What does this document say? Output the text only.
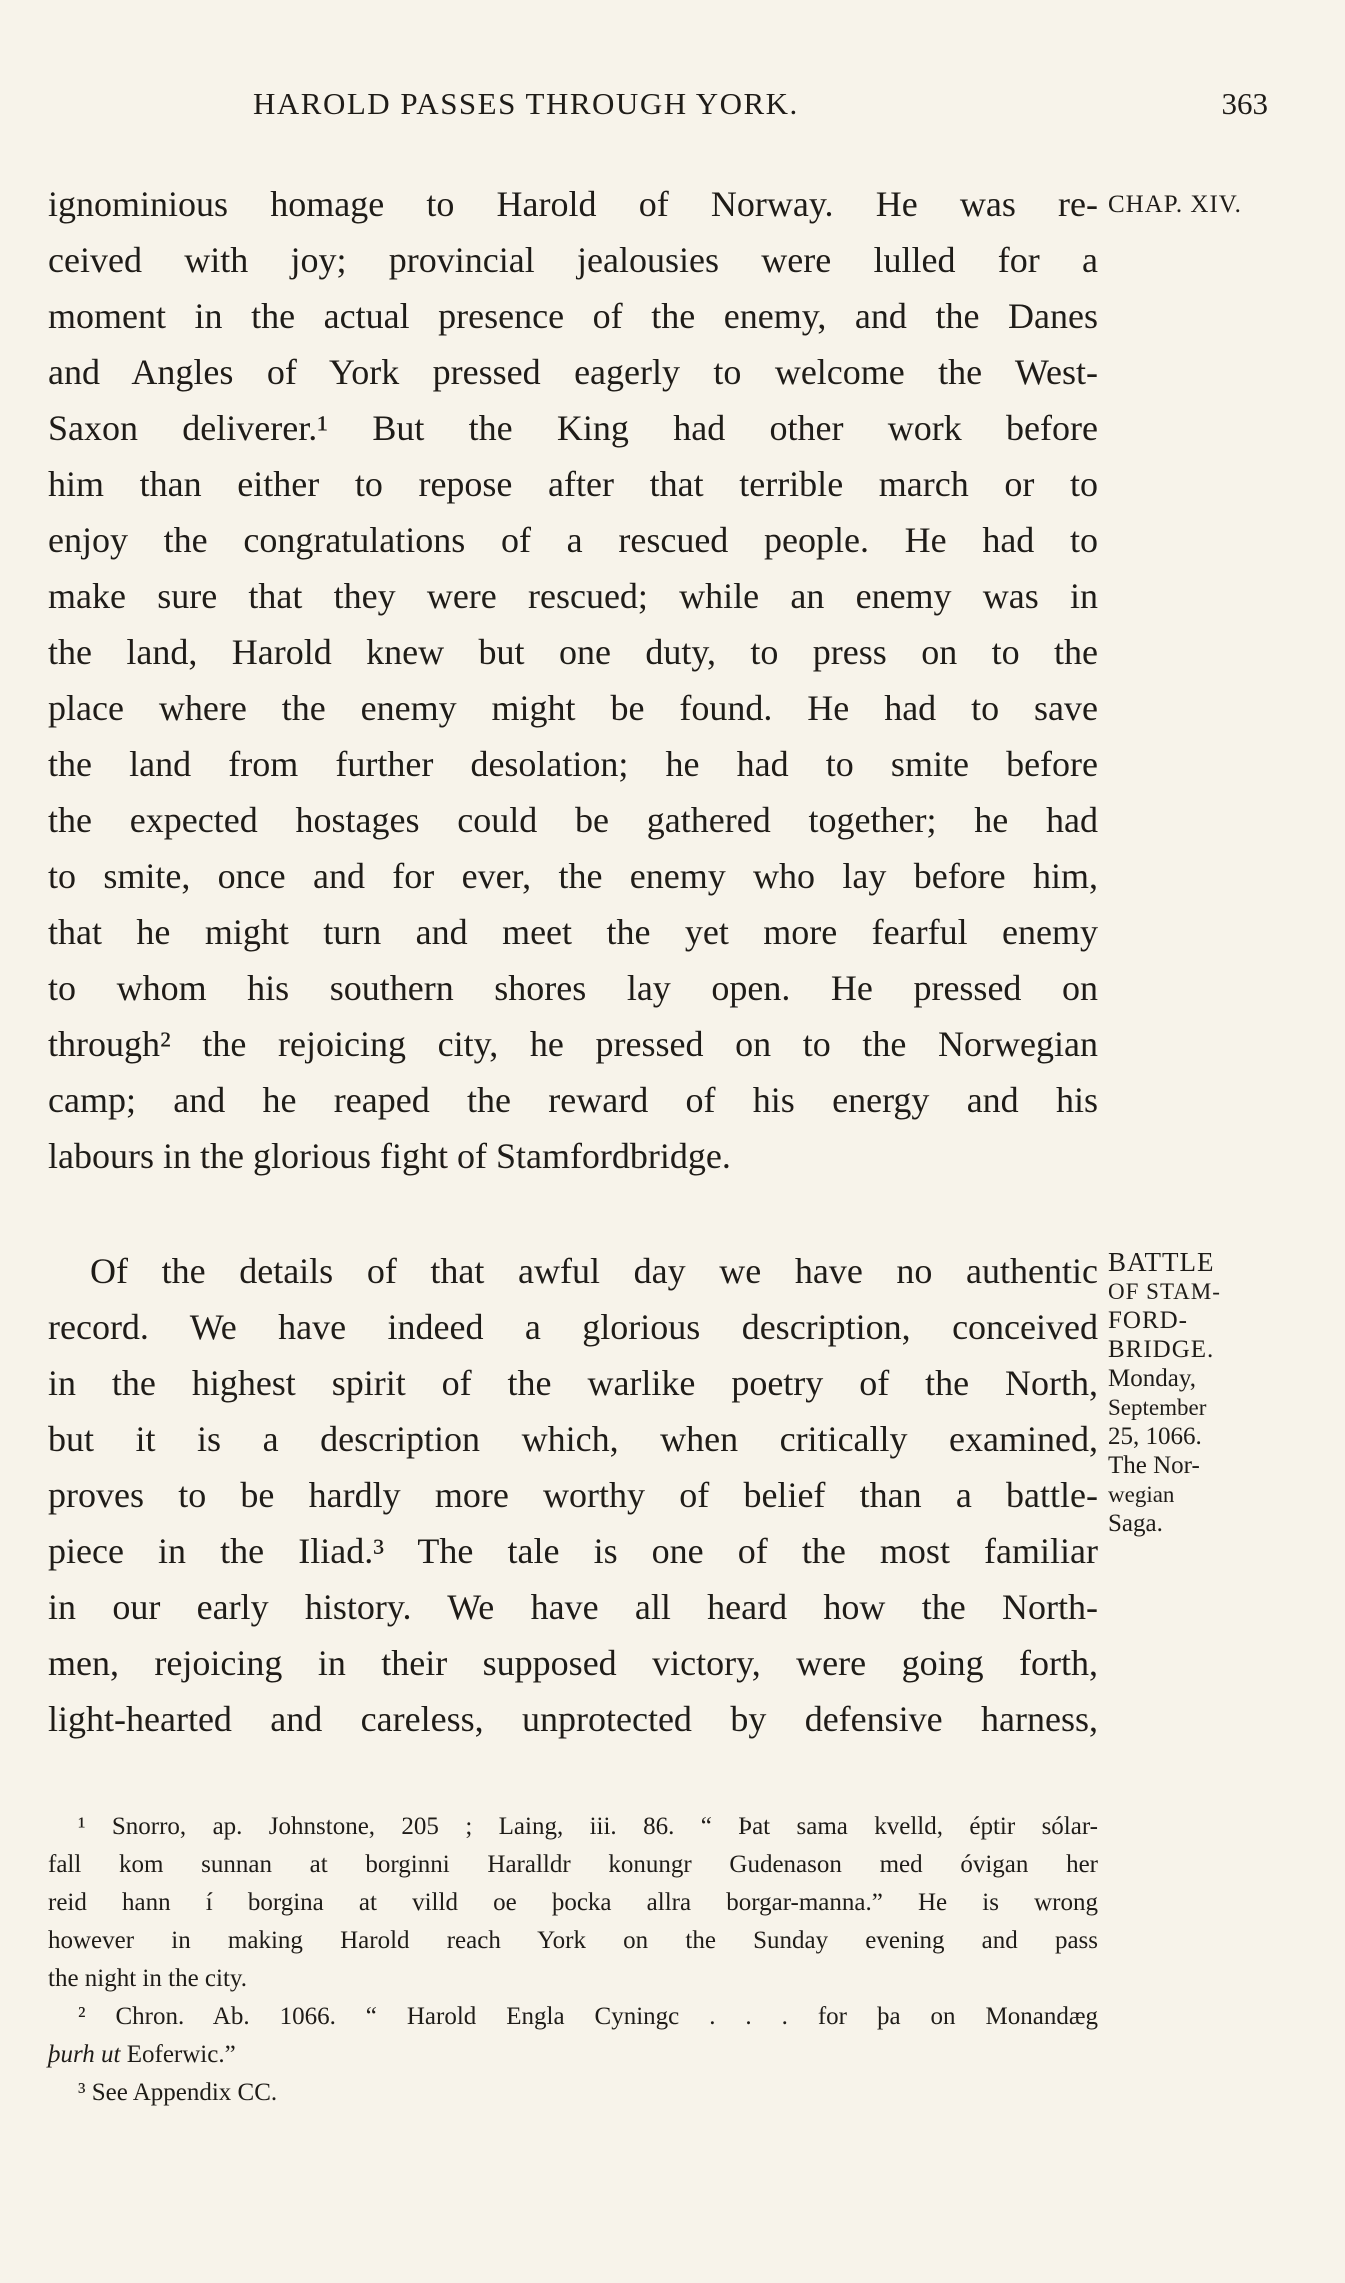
HAROLD PASSES THROUGH YORK.	363
ignominious homage to Harold of Norway. He was re-
ceived with joy; provincial jealousies were lulled for a
moment in the actual presence of the enemy, and the Danes
and Angles of York pressed eagerly to welcome the West-
Saxon deliverer.¹ But the King had other work before
him than either to repose after that terrible march or to
enjoy the congratulations of a rescued people. He had to
make sure that they were rescued; while an enemy was in
the land, Harold knew but one duty, to press on to the
place where the enemy might be found. He had to save
the land from further desolation; he had to smite before
the expected hostages could be gathered together; he had
to smite, once and for ever, the enemy who lay before him,
that he might turn and meet the yet more fearful enemy
to whom his southern shores lay open. He pressed on
through² the rejoicing city, he pressed on to the Norwegian
camp; and he reaped the reward of his energy and his
labours in the glorious fight of Stamfordbridge.
Of the details of that awful day we have no authentic
record. We have indeed a glorious description, conceived
in the highest spirit of the warlike poetry of the North,
but it is a description which, when critically examined,
proves to be hardly more worthy of belief than a battle-
piece in the Iliad.³ The tale is one of the most familiar
in our early history. We have all heard how the North-
men, rejoicing in their supposed victory, were going forth,
light-hearted and careless, unprotected by defensive harness,
CHAP. XIV.
BATTLE
OF STAM-
FORD-
BRIDGE.
Monday,
September
25, 1066.
The Nor-
wegian
Saga.
¹ Snorro, ap. Johnstone, 205 ; Laing, iii. 86. “ Þat sama kvelld, éptir sólar-
fall kom sunnan at borginni Haralldr konungr Gudenason med óvigan her
reid hann í borgina at villd oe þocka allra borgar-manna.” He is wrong
however in making Harold reach York on the Sunday evening and pass
the night in the city.
² Chron. Ab. 1066. “ Harold Engla Cyningc . . . for þa on Monandæg
þurh ut Eoferwic.”
³ See Appendix CC.
